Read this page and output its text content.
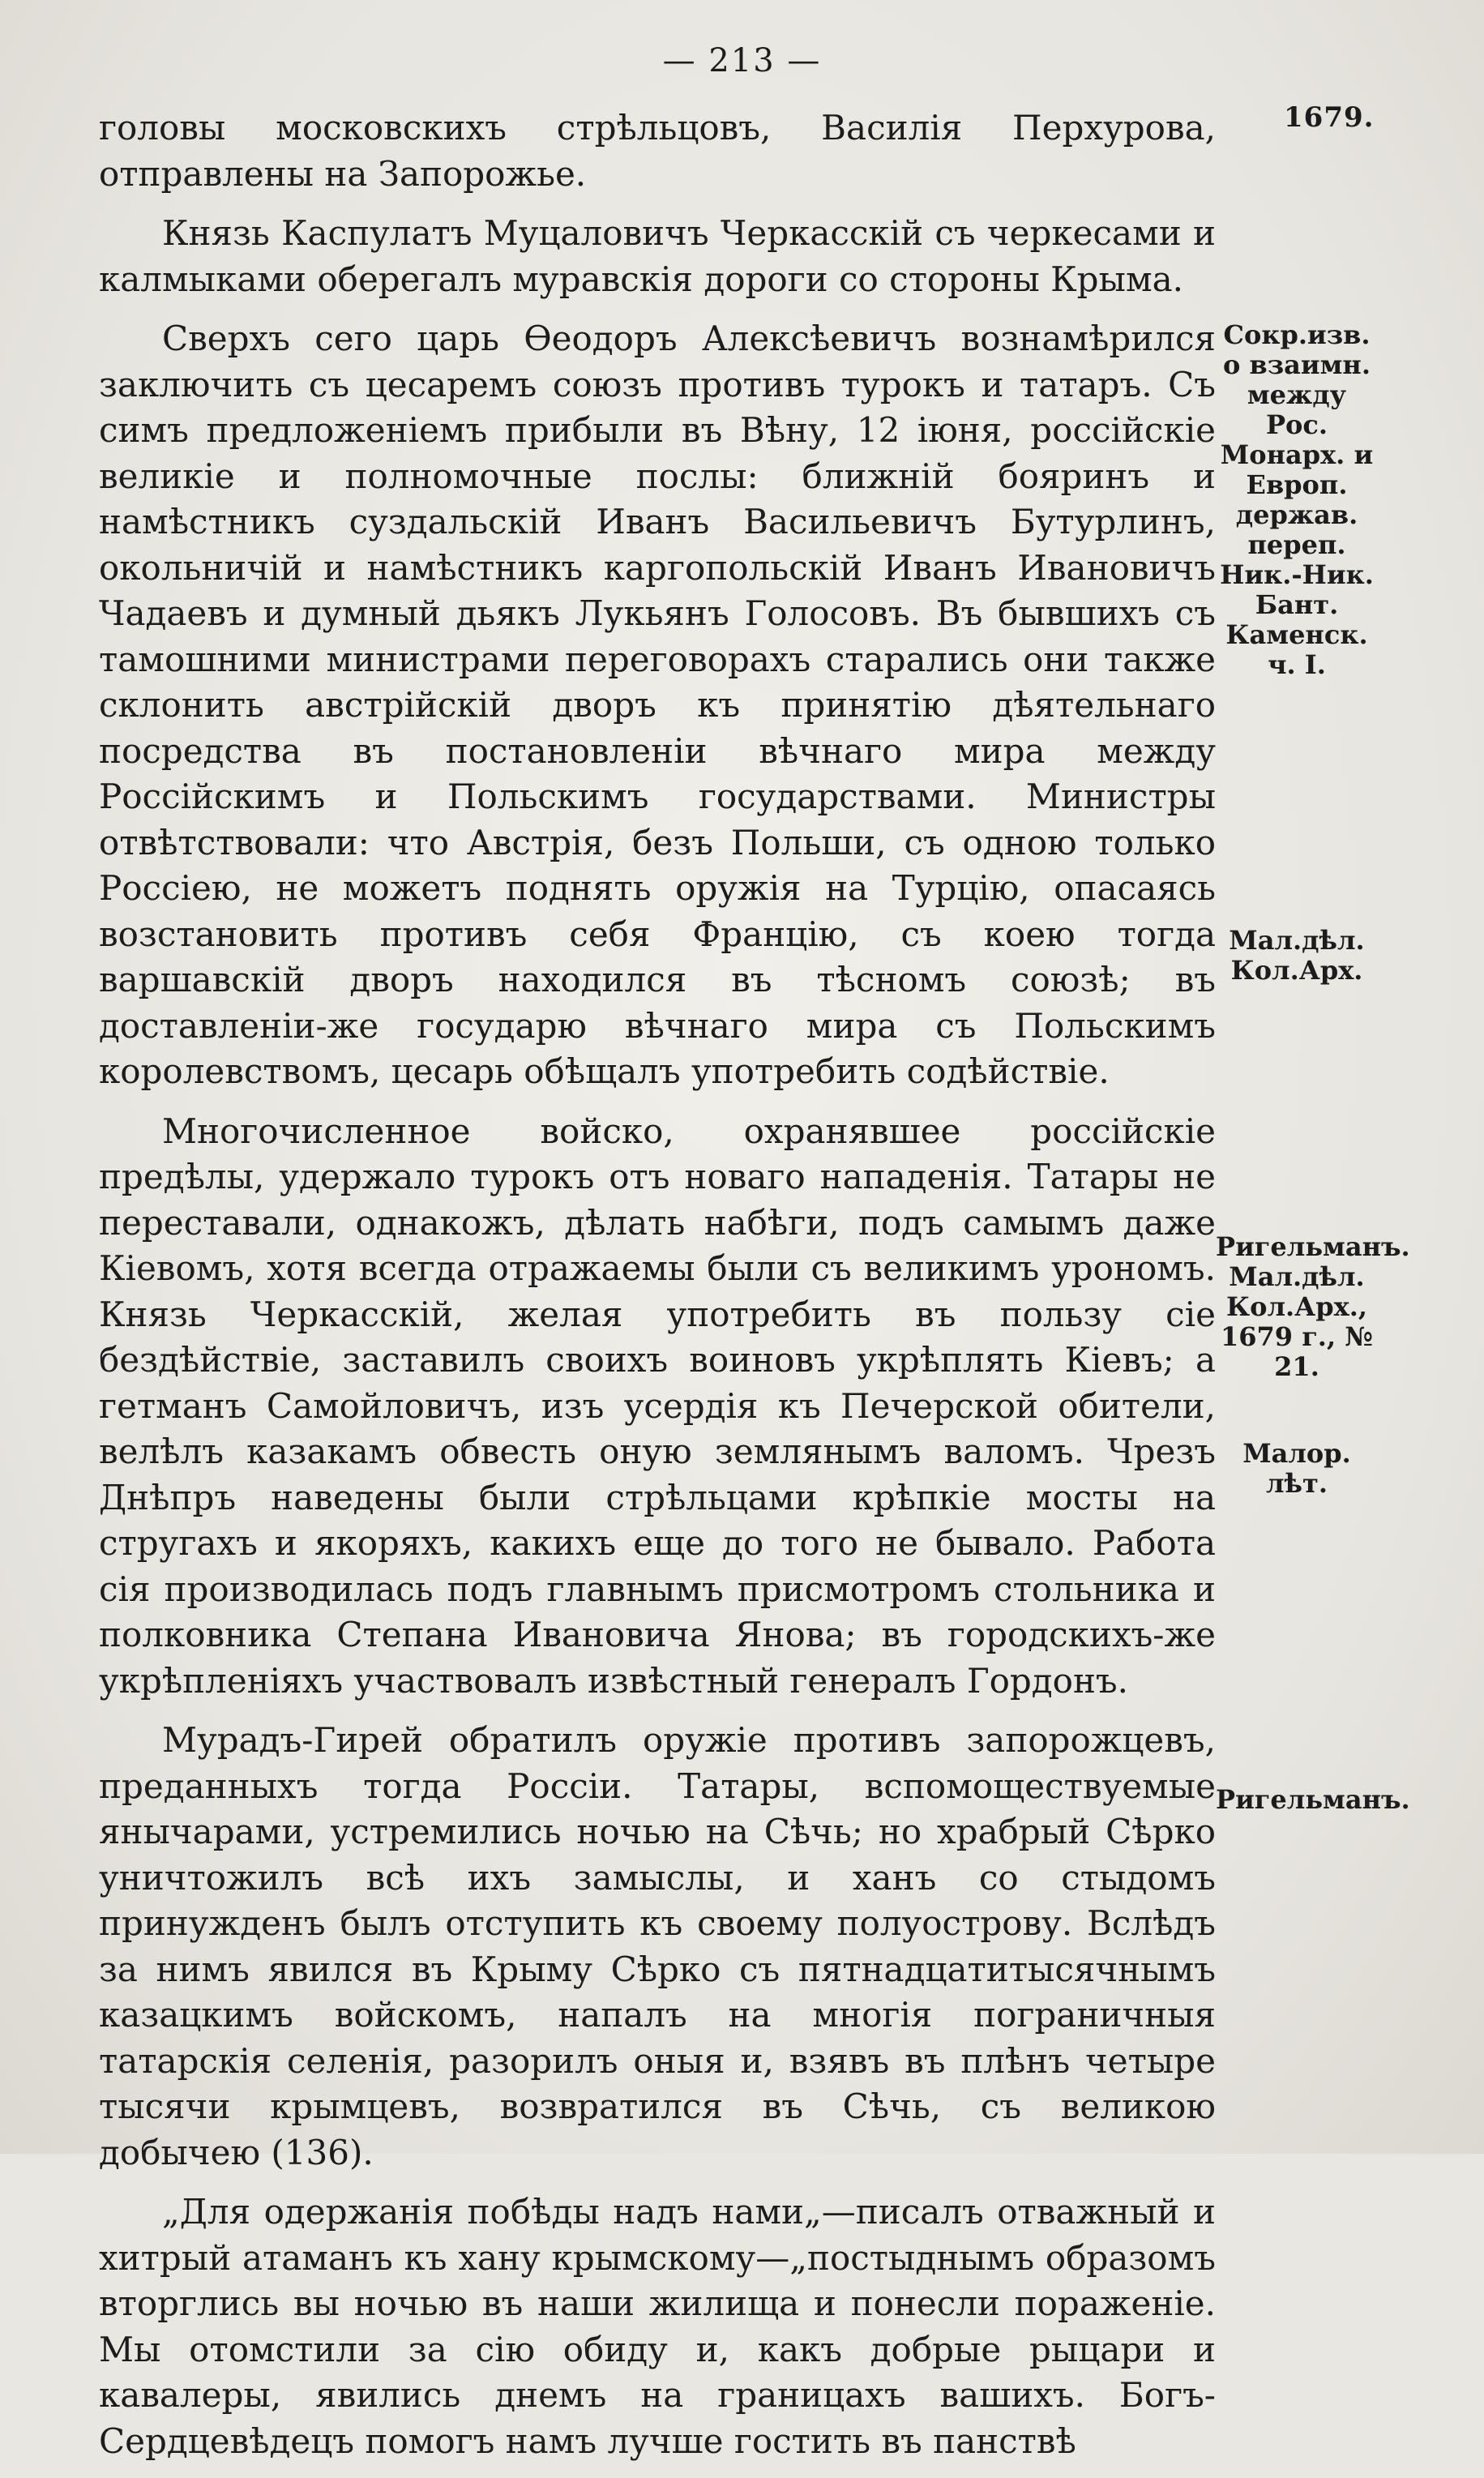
— 213 —
1679.

головы московскихъ стрѣльцовъ, Василія Перхурова, отправлены на Запорожье.

Князь Каспулатъ Муцаловичъ Черкасскій съ черкесами и калмыками оберегалъ муравскія дороги со стороны Крыма.

Сверхъ сего царь Ѳеодоръ Алексѣевичъ вознамѣрился заключить съ цесаремъ союзъ противъ турокъ и татаръ. Съ симъ предложеніемъ прибыли въ Вѣну, 12 іюня, россійскіе великіе и полномочные послы: ближній бояринъ и намѣстникъ суздальскій Иванъ Васильевичъ Бутурлинъ, окольничій и намѣстникъ каргопольскій Иванъ Ивановичъ Чадаевъ и думный дьякъ Лукьянъ Голосовъ. Въ бывшихъ съ тамошними министрами переговорахъ старались они также склонить австрійскій дворъ къ принятію дѣятельнаго посредства въ постановленіи вѣчнаго мира между Россійскимъ и Польскимъ государствами. Министры отвѣтствовали: что Австрія, безъ Польши, съ одною только Россіею, не можетъ поднять оружія на Турцію, опасаясь возстановить противъ себя Францію, съ коею тогда варшавскій дворъ находился въ тѣсномъ союзѣ; въ доставленіи-же государю вѣчнаго мира съ Польскимъ королевствомъ, цесарь обѣщалъ употребить содѣйствіе.

Многочисленное войско, охранявшее россійскіе предѣлы, удержало турокъ отъ новаго нападенія. Татары не переставали, однакожъ, дѣлать набѣги, подъ самымъ даже Кіевомъ, хотя всегда отражаемы были съ великимъ урономъ. Князь Черкасскій, желая употребить въ пользу сіе бездѣйствіе, заставилъ своихъ воиновъ укрѣплять Кіевъ; а гетманъ Самойловичъ, изъ усердія къ Печерской обители, велѣлъ казакамъ обвесть оную землянымъ валомъ. Чрезъ Днѣпръ наведены были стрѣльцами крѣпкіе мосты на стругахъ и якоряхъ, какихъ еще до того не бывало. Работа сія производилась подъ главнымъ присмотромъ стольника и полковника Степана Ивановича Янова; въ городскихъ-же укрѣпленіяхъ участвовалъ извѣстный генералъ Гордонъ.

Мурадъ-Гирей обратилъ оружіе противъ запорожцевъ, преданныхъ тогда Россіи. Татары, вспомоществуемые янычарами, устремились ночью на Сѣчь; но храбрый Сѣрко уничтожилъ всѣ ихъ замыслы, и ханъ со стыдомъ принужденъ былъ отступить къ своему полуострову. Вслѣдъ за нимъ явился въ Крыму Сѣрко съ пятнадцатитысячнымъ казацкимъ войскомъ, напалъ на многія пограничныя татарскія селенія, разорилъ оныя и, взявъ въ плѣнъ четыре тысячи крымцевъ, возвратился въ Сѣчь, съ великою добычею (136).

„Для одержанія побѣды надъ нами„—писалъ отважный и хитрый атаманъ къ хану крымскому—„постыднымъ образомъ вторглись вы ночью въ наши жилища и понесли пораженіе. Мы отомстили за сію обиду и, какъ добрые рыцари и кавалеры, явились днемъ на границахъ вашихъ. Богъ-Сердцевѣдецъ помогъ намъ лучше гостить въ панствѣ

Сокр.изв. о взаимн. между Рос. Монарх. и Европ. держав. переп. Ник.-Ник. Бант. Каменск. ч. I.
Мал.дѣл. Кол.Арх.
Ригельманъ. Мал.дѣл. Кол.Арх., 1679 г., № 21.
Малор. лѣт.
Ригельманъ.
